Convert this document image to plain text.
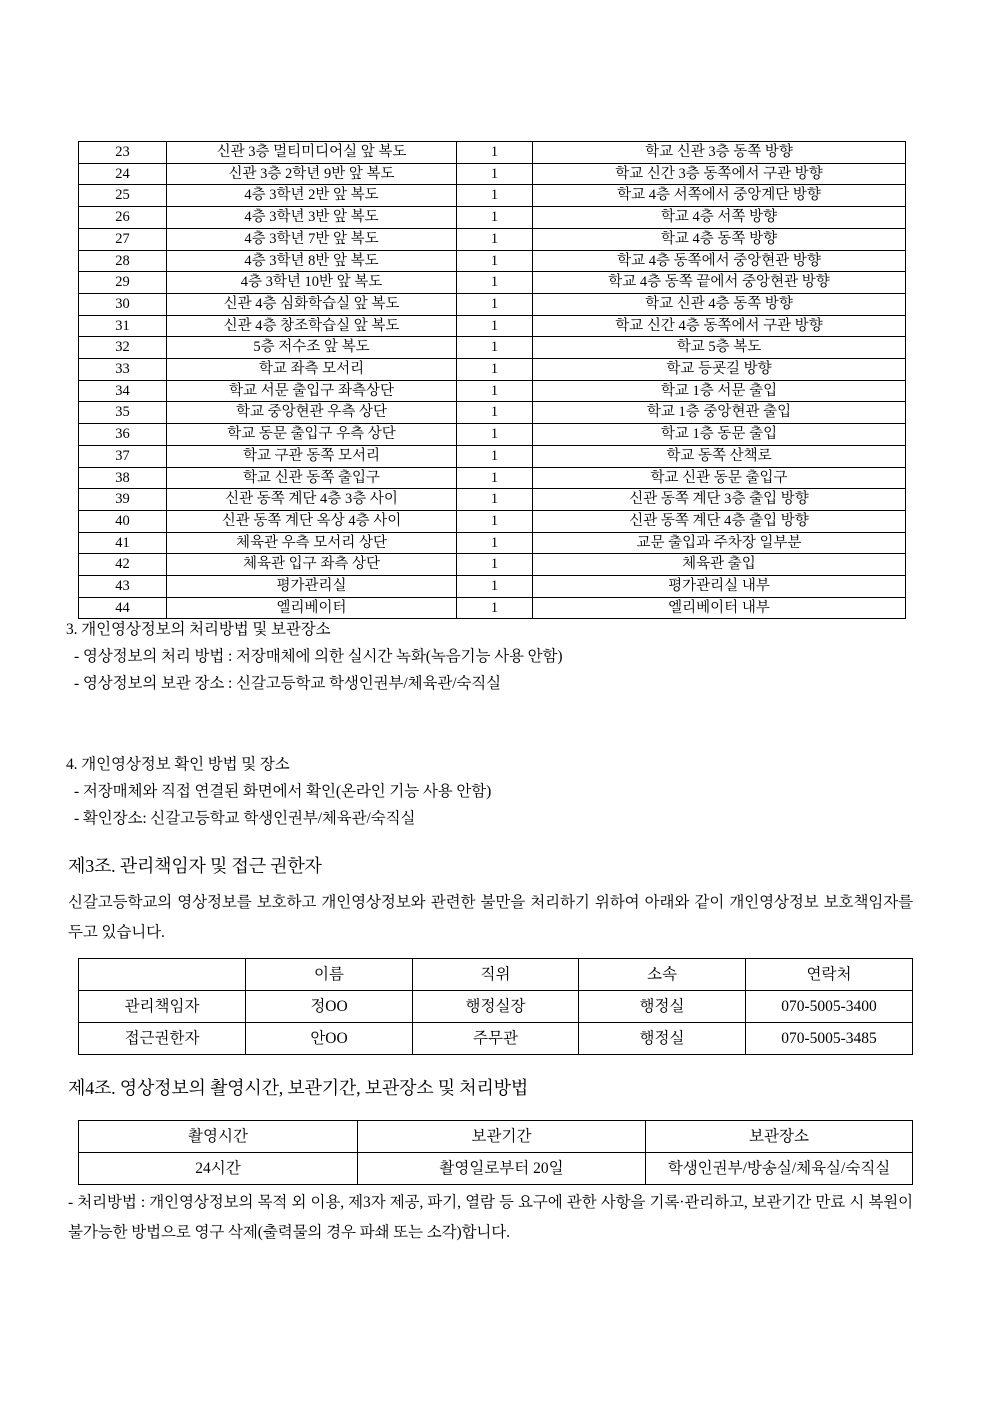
23	신관 3층 멀티미디어실 앞 복도	1	학교 신관 3층 동쪽 방향
24	신관 3층 2학년 9반 앞 복도	1	학교 신간 3층 동쪽에서 구관 방향
25	4층 3학년 2반 앞 복도	1	학교 4층 서쪽에서 중앙계단 방향
26	4층 3학년 3반 앞 복도	1	학교 4층 서쪽 방향
27	4층 3학년 7반 앞 복도	1	학교 4층 동쪽 방향
28	4층 3학년 8반 앞 복도	1	학교 4층 동쪽에서 중앙현관 방향
29	4층 3학년 10반 앞 복도	1	학교 4층 동쪽 끝에서 중앙현관 방향
30	신관 4층 심화학습실 앞 복도	1	학교 신관 4층 동쪽 방향
31	신관 4층 창조학습실 앞 복도	1	학교 신간 4층 동쪽에서 구관 방향
32	5층 저수조 앞 복도	1	학교 5층 복도
33	학교 좌측 모서리	1	학교 등굣길 방향
34	학교 서문 출입구 좌측상단	1	학교 1층 서문 출입
35	학교 중앙현관 우측 상단	1	학교 1층 중앙현관 출입
36	학교 동문 출입구 우측 상단	1	학교 1층 동문 출입
37	학교 구관 동쪽 모서리	1	학교 동쪽 산책로
38	학교 신관 동쪽 출입구	1	학교 신관 동문 출입구
39	신관 동쪽 계단 4층 3층 사이	1	신관 동쪽 계단 3층 출입 방향
40	신관 동쪽 계단 옥상 4층 사이	1	신관 동쪽 계단 4층 출입 방향
41	체육관 우측 모서리 상단	1	교문 출입과 주차장 일부분
42	체육관 입구 좌측 상단	1	체육관 출입
43	평가관리실	1	평가관리실 내부
44	엘리베이터	1	엘리베이터 내부
3. 개인영상정보의 처리방법 및 보관장소
- 영상정보의 처리 방법 : 저장매체에 의한 실시간 녹화(녹음기능 사용 안함)
- 영상정보의 보관 장소 : 신갈고등학교 학생인권부/체육관/숙직실
4. 개인영상정보 확인 방법 및 장소
- 저장매체와 직접 연결된 화면에서 확인(온라인 기능 사용 안함)
- 확인장소: 신갈고등학교 학생인권부/체육관/숙직실
제3조. 관리책임자 및 접근 권한자
신갈고등학교의 영상정보를 보호하고 개인영상정보와 관련한 불만을 처리하기 위하여 아래와 같이 개인영상정보 보호책임자를 두고 있습니다.
	이름	직위	소속	연락처
관리책임자	정OO	행정실장	행정실	070-5005-3400
접근권한자	안OO	주무관	행정실	070-5005-3485
제4조. 영상정보의 촬영시간, 보관기간, 보관장소 및 처리방법
촬영시간	보관기간	보관장소
24시간	촬영일로부터 20일	학생인권부/방송실/체육실/숙직실
- 처리방법 : 개인영상정보의 목적 외 이용, 제3자 제공, 파기, 열람 등 요구에 관한 사항을 기록·관리하고, 보관기간 만료 시 복원이 불가능한 방법으로 영구 삭제(출력물의 경우 파쇄 또는 소각)합니다.
